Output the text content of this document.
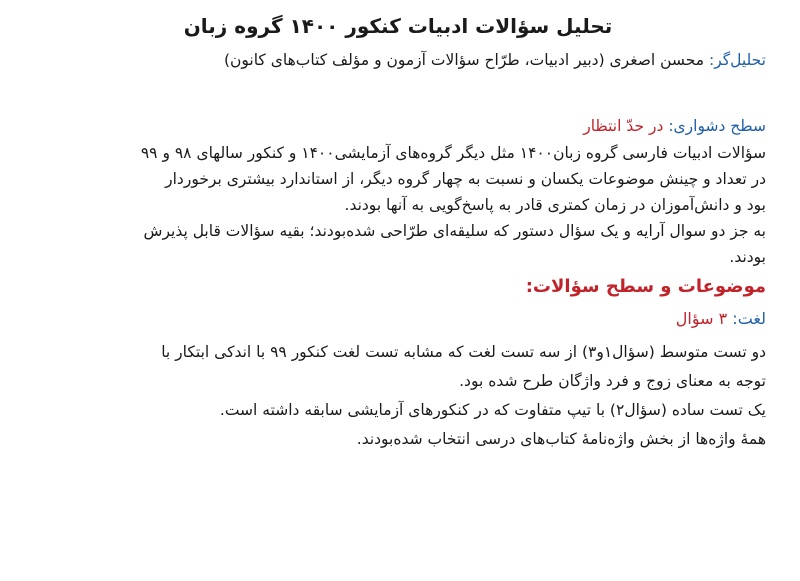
تحلیل سؤالات ادبیات کنکور ۱۴۰۰ گروه زبان

تحلیل‌گر: محسن اصغری (دبیر ادبیات، طرّاح سؤالات آزمون و مؤلف کتاب‌های کانون)

سطح دشواری: در حدّ انتظار

سؤالات ادبیات فارسی گروه زبان۱۴۰۰ مثل دیگر گروه‌های آزمایشی۱۴۰۰ و کنکور سالهای ۹۸ و ۹۹
در تعداد و چینش موضوعات یکسان و نسبت به چهار گروه دیگر، از استاندارد بیشتری برخوردار
بود و دانش‌آموزان در زمان کمتری قادر به پاسخ‌گویی به آنها بودند.
به جز دو سوال آرایه و یک سؤال دستور که سلیقه‌ای طرّاحی شده‌بودند؛ بقیه سؤالات قابل پذیرش
بودند.
موضوعات و سطح سؤالات:

لغت: ۳ سؤال

دو تست متوسط (سؤال۱و۳) از سه تست لغت که مشابه تست لغت کنکور ۹۹ با اندکی ابتکار با
توجه به معنای زوج و فرد واژگان طرح شده بود.
یک تست ساده (سؤال۲) با تیپ متفاوت که در کنکورهای آزمایشی سابقه داشته است.
همهٔ واژه‌ها از بخش واژه‌نامهٔ کتاب‌های درسی انتخاب شده‌بودند.
